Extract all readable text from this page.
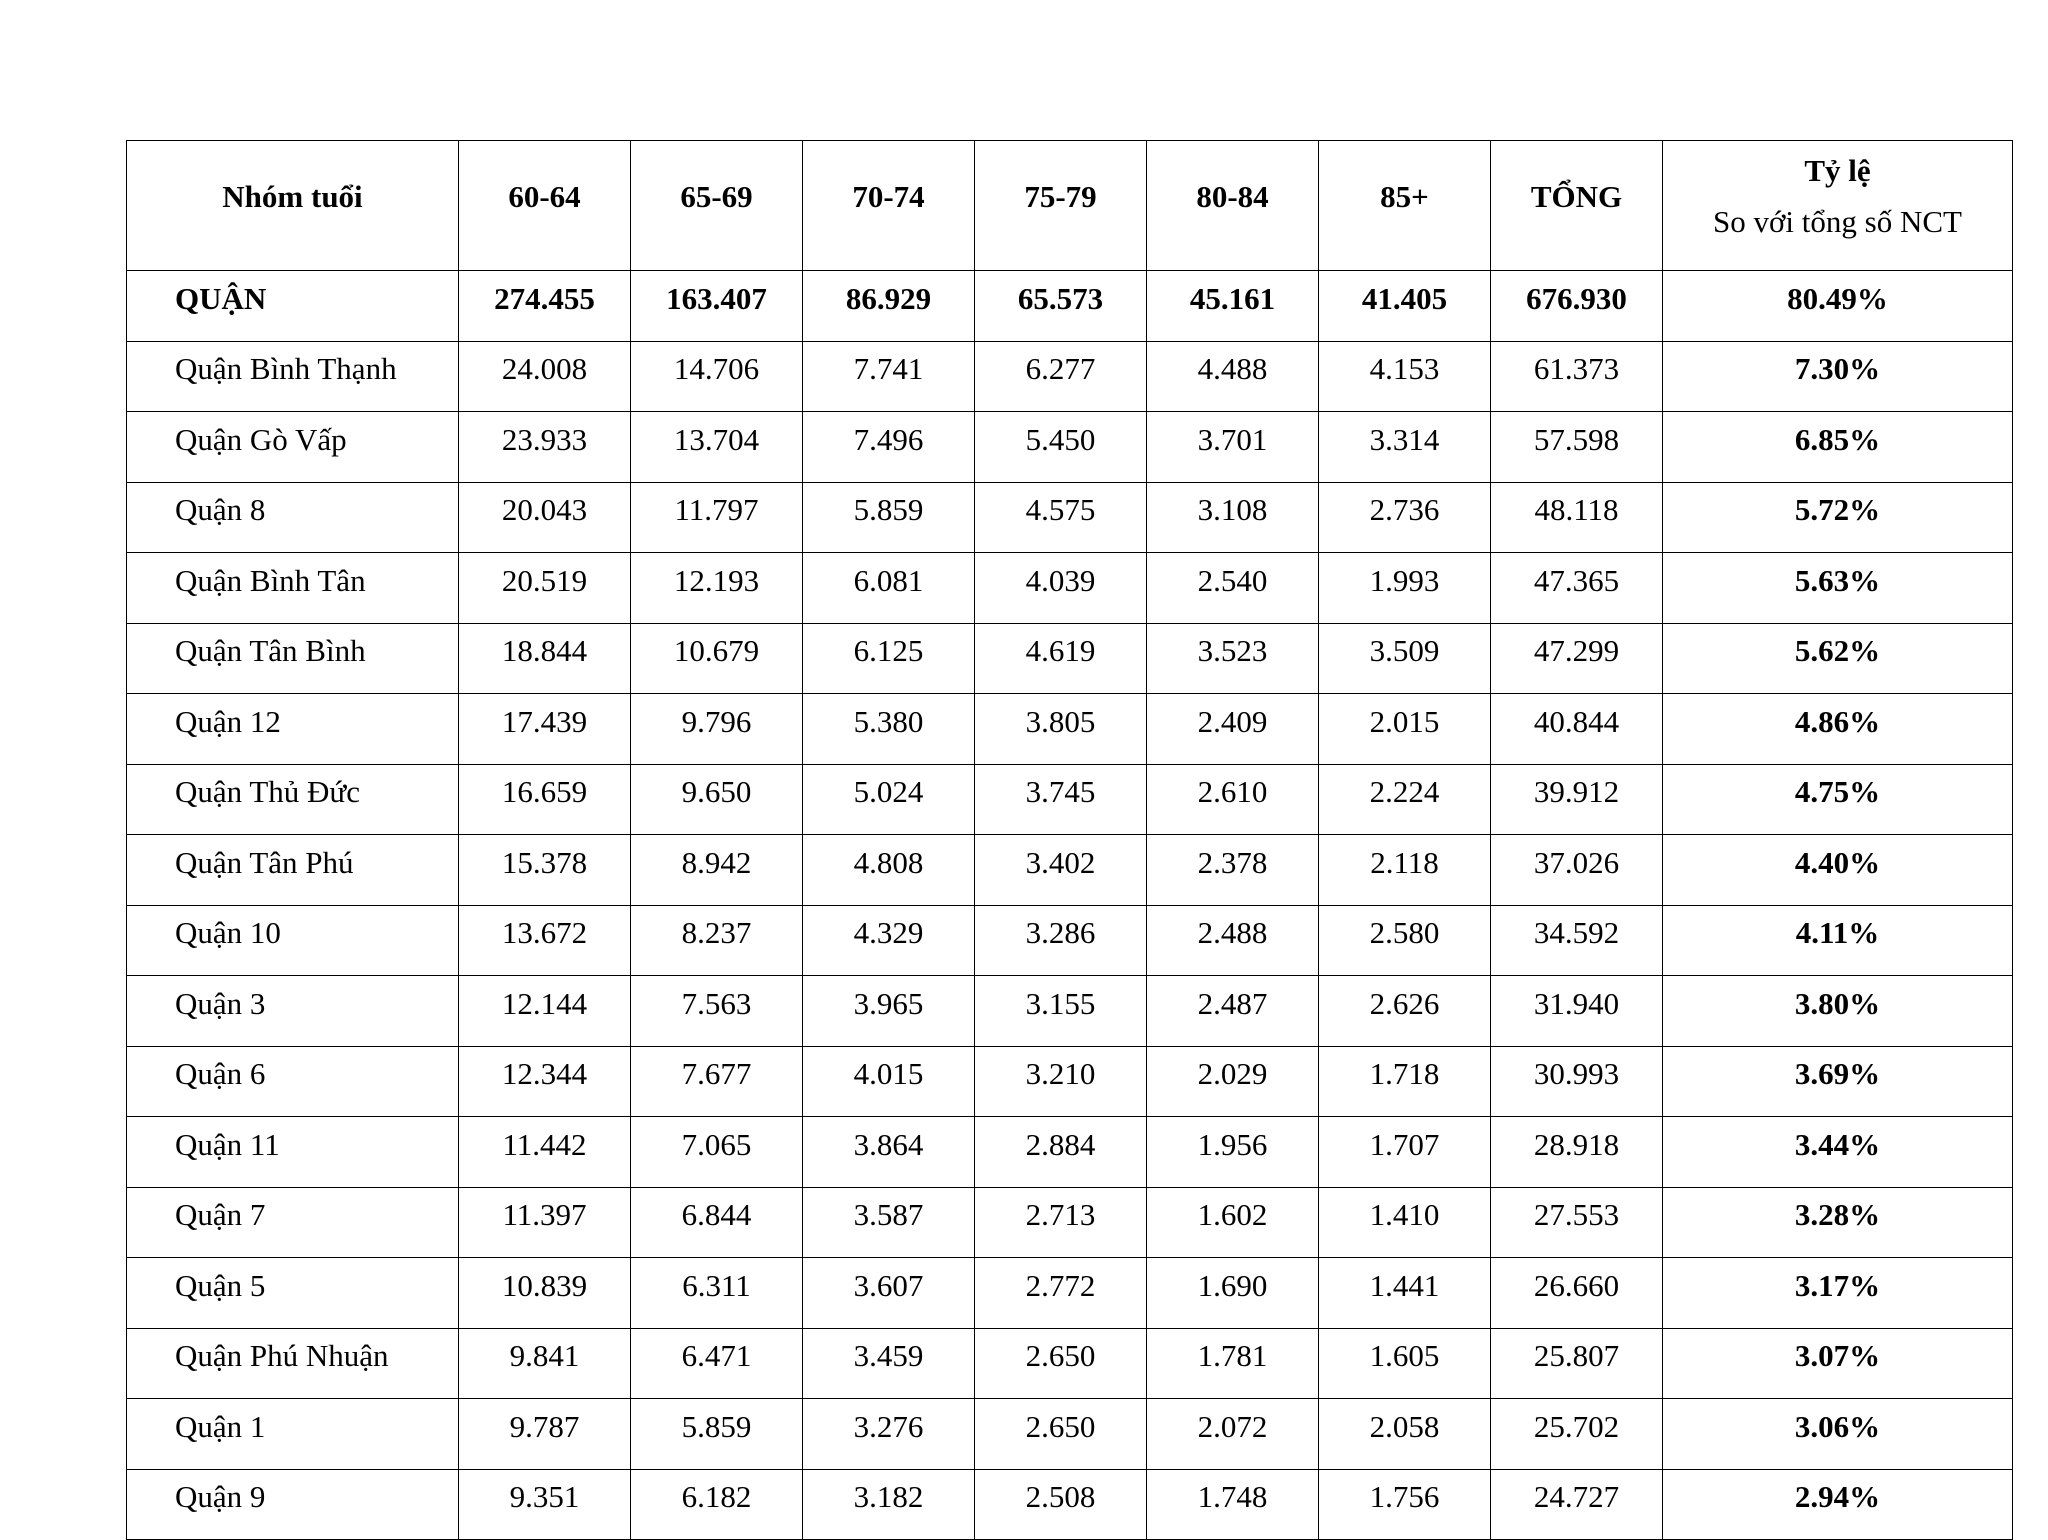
Nhóm tuổi	60-64	65-69	70-74	75-79	80-84	85+	TỔNG	Tỷ lệ
So với tổng số NCT

QUẬN	274.455	163.407	86.929	65.573	45.161	41.405	676.930	80.49%
Quận Bình Thạnh	24.008	14.706	7.741	6.277	4.488	4.153	61.373	7.30%
Quận Gò Vấp	23.933	13.704	7.496	5.450	3.701	3.314	57.598	6.85%
Quận 8	20.043	11.797	5.859	4.575	3.108	2.736	48.118	5.72%
Quận Bình Tân	20.519	12.193	6.081	4.039	2.540	1.993	47.365	5.63%
Quận Tân Bình	18.844	10.679	6.125	4.619	3.523	3.509	47.299	5.62%
Quận 12	17.439	9.796	5.380	3.805	2.409	2.015	40.844	4.86%
Quận Thủ Đức	16.659	9.650	5.024	3.745	2.610	2.224	39.912	4.75%
Quận Tân Phú	15.378	8.942	4.808	3.402	2.378	2.118	37.026	4.40%
Quận 10	13.672	8.237	4.329	3.286	2.488	2.580	34.592	4.11%
Quận 3	12.144	7.563	3.965	3.155	2.487	2.626	31.940	3.80%
Quận 6	12.344	7.677	4.015	3.210	2.029	1.718	30.993	3.69%
Quận 11	11.442	7.065	3.864	2.884	1.956	1.707	28.918	3.44%
Quận 7	11.397	6.844	3.587	2.713	1.602	1.410	27.553	3.28%
Quận 5	10.839	6.311	3.607	2.772	1.690	1.441	26.660	3.17%
Quận Phú Nhuận	9.841	6.471	3.459	2.650	1.781	1.605	25.807	3.07%
Quận 1	9.787	5.859	3.276	2.650	2.072	2.058	25.702	3.06%
Quận 9	9.351	6.182	3.182	2.508	1.748	1.756	24.727	2.94%
